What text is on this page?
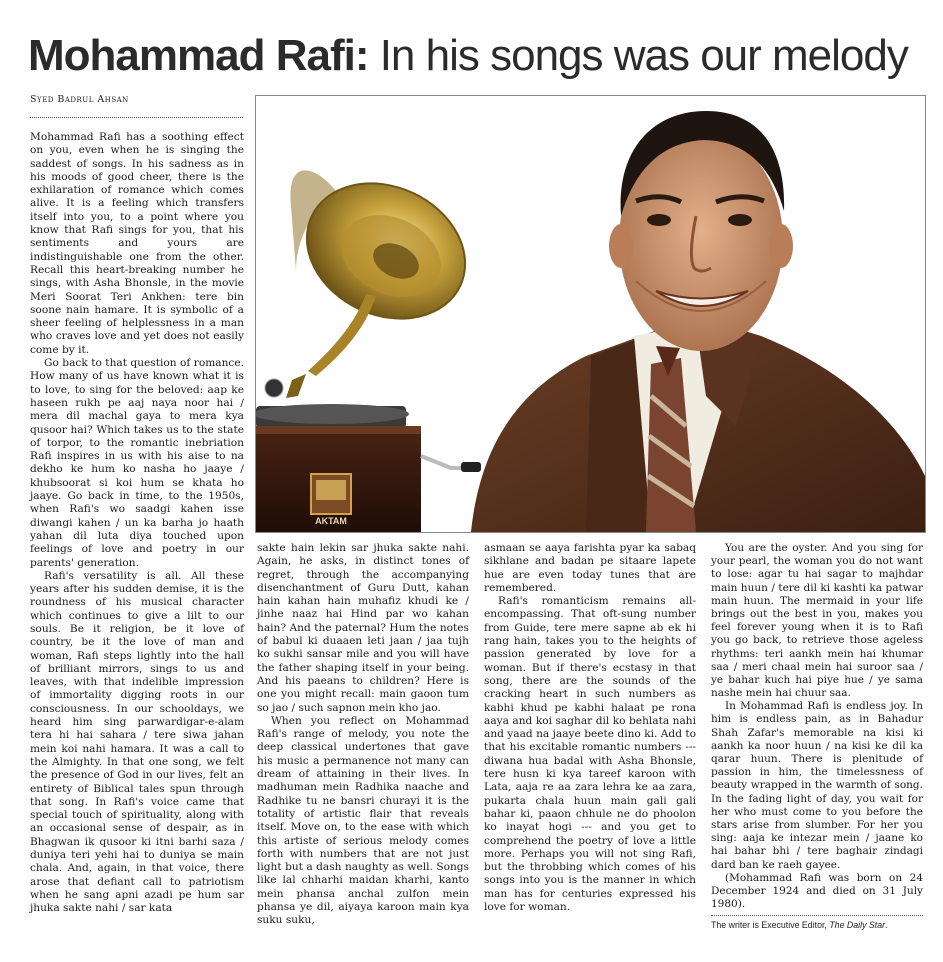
Mohammad Rafi: In his songs was our melody
Syed Badrul Ahsan
AKTAM

Mohammad Rafi has a soothing effect on you, even when he is singing the saddest of songs. In his sadness as in his moods of good cheer, there is the exhilaration of romance which comes alive. It is a feeling which transfers itself into you, to a point where you know that Rafi sings for you, that his sentiments and yours are indistinguishable one from the other. Recall this heart-breaking number he sings, with Asha Bhonsle, in the movie Meri Soorat Teri Ankhen: tere bin soone nain hamare. It is symbolic of a sheer feeling of helplessness in a man who craves love and yet does not easily come by it.

Go back to that question of romance. How many of us have known what it is to love, to sing for the beloved: aap ke haseen rukh pe aaj naya noor hai / mera dil machal gaya to mera kya qusoor hai? Which takes us to the state of torpor, to the romantic inebriation Rafi inspires in us with his aise to na dekho ke hum ko nasha ho jaaye / khubsoorat si koi hum se khata ho jaaye. Go back in time, to the 1950s, when Rafi's wo saadgi kahen isse diwangi kahen / un ka barha jo haath yahan dil luta diya touched upon feelings of love and poetry in our parents' generation.

Rafi's versatility is all. All these years after his sudden demise, it is the roundness of his musical character which continues to give a lilt to our souls. Be it religion, be it love of country, be it the love of man and woman, Rafi steps lightly into the hall of brilliant mirrors, sings to us and leaves, with that indelible impression of immortality digging roots in our consciousness. In our schooldays, we heard him sing parwardigar-e-alam tera hi hai sahara / tere siwa jahan mein koi nahi hamara. It was a call to the Almighty. In that one song, we felt the presence of God in our lives, felt an entirety of Biblical tales spun through that song. In Rafi's voice came that special touch of spirituality, along with an occasional sense of despair, as in Bhagwan ik qusoor ki itni barhi saza / duniya teri yehi hai to duniya se main chala. And, again, in that voice, there arose that defiant call to patriotism when he sang apni azadi pe hum sar jhuka sakte nahi / sar kata

sakte hain lekin sar jhuka sakte nahi. Again, he asks, in distinct tones of regret, through the accompanying disenchantment of Guru Dutt, kahan hain kahan hain muhafiz khudi ke / jinhe naaz hai Hind par wo kahan hain? And the paternal? Hum the notes of babul ki duaaen leti jaan / jaa tujh ko sukhi sansar mile and you will have the father shaping itself in your being. And his paeans to children? Here is one you might recall: main gaoon tum so jao / such sapnon mein kho jao.

When you reflect on Mohammad Rafi's range of melody, you note the deep classical undertones that gave his music a permanence not many can dream of attaining in their lives. In madhuman mein Radhika naache and Radhike tu ne bansri churayi it is the totality of artistic flair that reveals itself. Move on, to the ease with which this artiste of serious melody comes forth with numbers that are not just light but a dash naughty as well. Songs like lal chharhi maidan kharhi, kanto mein phansa anchal zulfon mein phansa ye dil, aiyaya karoon main kya suku suku,

asmaan se aaya farishta pyar ka sabaq sikhlane and badan pe sitaare lapete hue are even today tunes that are remembered.

Rafi's romanticism remains all-encompassing. That oft-sung number from Guide, tere mere sapne ab ek hi rang hain, takes you to the heights of passion generated by love for a woman. But if there's ecstasy in that song, there are the sounds of the cracking heart in such numbers as kabhi khud pe kabhi halaat pe rona aaya and koi saghar dil ko behlata nahi and yaad na jaaye beete dino ki. Add to that his excitable romantic numbers --- diwana hua badal with Asha Bhonsle, tere husn ki kya tareef karoon with Lata, aaja re aa zara lehra ke aa zara, pukarta chala huun main gali gali bahar ki, paaon chhule ne do phoolon ko inayat hogi --- and you get to comprehend the poetry of love a little more. Perhaps you will not sing Rafi, but the throbbing which comes of his songs into you is the manner in which man has for centuries expressed his love for woman.

You are the oyster. And you sing for your pearl, the woman you do not want to lose: agar tu hai sagar to majhdar main huun / tere dil ki kashti ka patwar main huun. The mermaid in your life brings out the best in you, makes you feel forever young when it is to Rafi you go back, to retrieve those ageless rhythms: teri aankh mein hai khumar saa / meri chaal mein hai suroor saa / ye bahar kuch hai piye hue / ye sama nashe mein hai chuur saa.

In Mohammad Rafi is endless joy. In him is endless pain, as in Bahadur Shah Zafar's memorable na kisi ki aankh ka noor huun / na kisi ke dil ka qarar huun. There is plenitude of passion in him, the timelessness of beauty wrapped in the warmth of song. In the fading light of day, you wait for her who must come to you before the stars arise from slumber. For her you sing: aaja ke intezar mein / jaane ko hai bahar bhi / tere baghair zindagi dard ban ke raeh gayee.

(Mohammad Rafi was born on 24 December 1924 and died on 31 July 1980).

The writer is Executive Editor, The Daily Star.
